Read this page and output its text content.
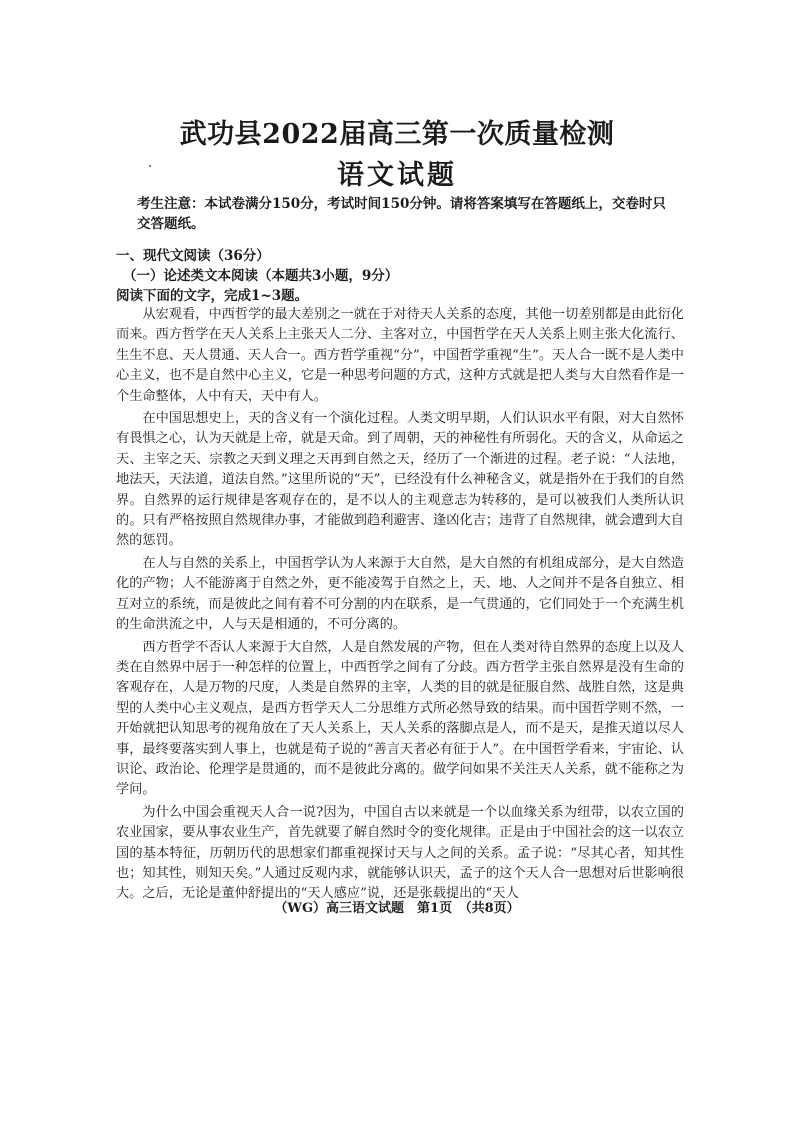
武功县2022届高三第一次质量检测
语文试题
考生注意：本试卷满分150分，考试时间150分钟。请将答案填写在答题纸上，交卷时只交答题纸。
一、现代文阅读（36分）
（一）论述类文本阅读（本题共3小题，9分）
阅读下面的文字，完成1~3题。

从宏观看，中西哲学的最大差别之一就在于对待天人关系的态度，其他一切差别都是由此衍化而来。西方哲学在天人关系上主张天人二分、主客对立，中国哲学在天人关系上则主张大化流行、生生不息、天人贯通、天人合一。西方哲学重视“分”，中国哲学重视“生”。天人合一既不是人类中心主义，也不是自然中心主义，它是一种思考问题的方式，这种方式就是把人类与大自然看作是一个生命整体，人中有天，天中有人。

在中国思想史上，天的含义有一个演化过程。人类文明早期，人们认识水平有限，对大自然怀有畏惧之心，认为天就是上帝，就是天命。到了周朝，天的神秘性有所弱化。天的含义，从命运之天、主宰之天、宗教之天到义理之天再到自然之天，经历了一个渐进的过程。老子说：“人法地，地法天，天法道，道法自然。”这里所说的“天”，已经没有什么神秘含义，就是指外在于我们的自然界。自然界的运行规律是客观存在的，是不以人的主观意志为转移的，是可以被我们人类所认识的。只有严格按照自然规律办事，才能做到趋利避害、逢凶化吉；违背了自然规律，就会遭到大自然的惩罚。

在人与自然的关系上，中国哲学认为人来源于大自然，是大自然的有机组成部分，是大自然造化的产物；人不能游离于自然之外，更不能凌驾于自然之上，天、地、人之间并不是各自独立、相互对立的系统，而是彼此之间有着不可分割的内在联系，是一气贯通的，它们同处于一个充满生机的生命洪流之中，人与天是相通的，不可分离的。

西方哲学不否认人来源于大自然，人是自然发展的产物，但在人类对待自然界的态度上以及人类在自然界中居于一种怎样的位置上，中西哲学之间有了分歧。西方哲学主张自然界是没有生命的客观存在，人是万物的尺度，人类是自然界的主宰，人类的目的就是征服自然、战胜自然，这是典型的人类中心主义观点，是西方哲学天人二分思维方式所必然导致的结果。而中国哲学则不然，一开始就把认知思考的视角放在了天人关系上，天人关系的落脚点是人，而不是天，是推天道以尽人事，最终要落实到人事上，也就是荀子说的“善言天者必有征于人”。在中国哲学看来，宇宙论、认识论、政治论、伦理学是贯通的，而不是彼此分离的。做学问如果不关注天人关系，就不能称之为学问。

为什么中国会重视天人合一说?因为，中国自古以来就是一个以血缘关系为纽带，以农立国的农业国家，要从事农业生产，首先就要了解自然时令的变化规律。正是由于中国社会的这一以农立国的基本特征，历朝历代的思想家们都重视探讨天与人之间的关系。孟子说：“尽其心者，知其性也；知其性，则知天矣。”人通过反观内求，就能够认识天，孟子的这个天人合一思想对后世影响很大。之后，无论是董仲舒提出的“天人感应”说，还是张载提出的“天人

（WG）高三语文试题　第1页　（共8页）
